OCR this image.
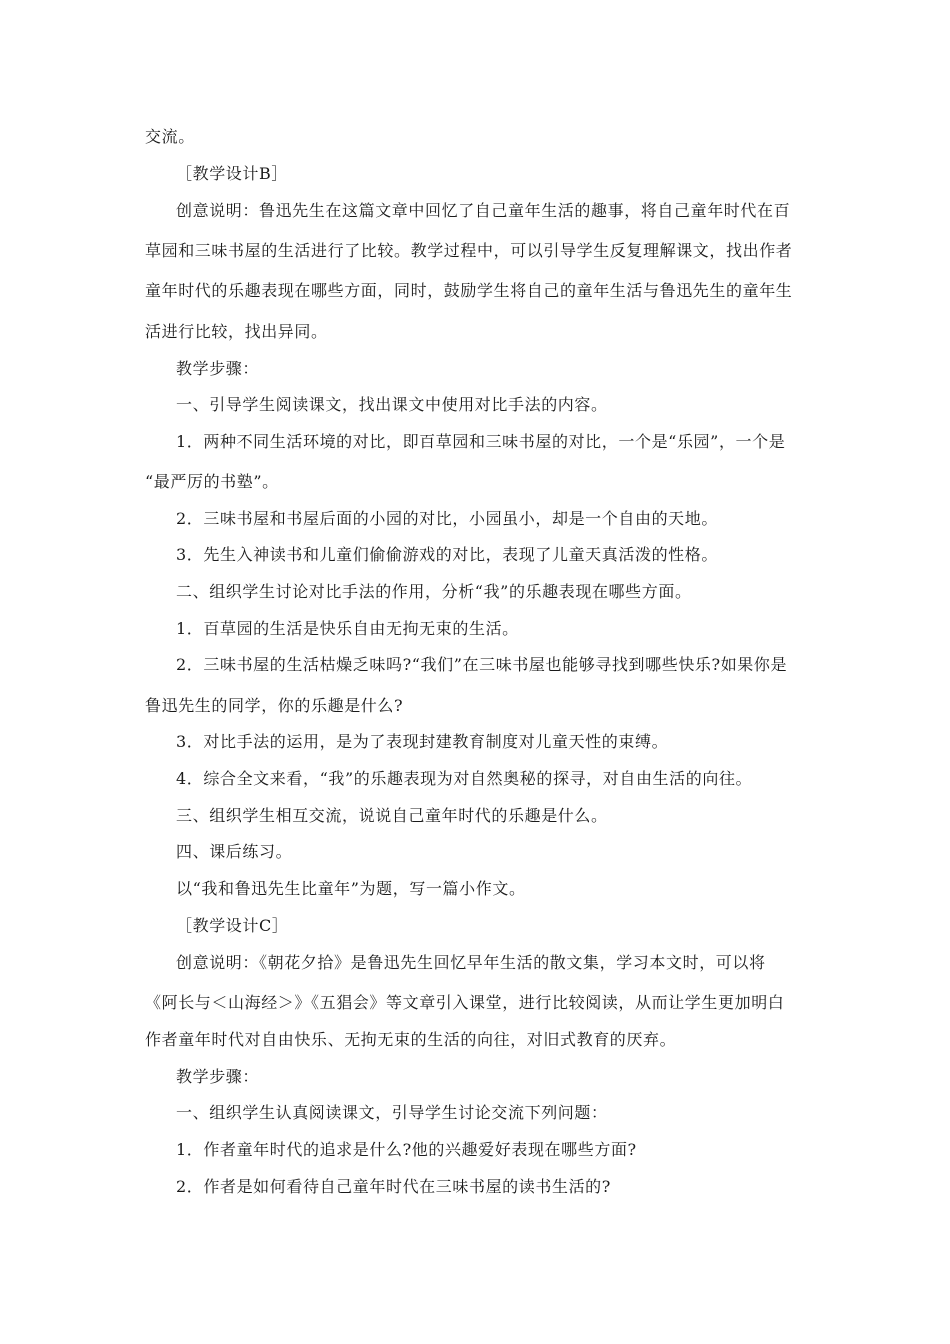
交流。
［教学设计B］
创意说明：鲁迅先生在这篇文章中回忆了自己童年生活的趣事，将自己童年时代在百
草园和三味书屋的生活进行了比较。教学过程中，可以引导学生反复理解课文，找出作者
童年时代的乐趣表现在哪些方面，同时，鼓励学生将自己的童年生活与鲁迅先生的童年生
活进行比较，找出异同。
教学步骤：
一、引导学生阅读课文，找出课文中使用对比手法的内容。
1．两种不同生活环境的对比，即百草园和三味书屋的对比，一个是“乐园”，一个是
“最严厉的书塾”。
2．三味书屋和书屋后面的小园的对比，小园虽小，却是一个自由的天地。
3．先生入神读书和儿童们偷偷游戏的对比，表现了儿童天真活泼的性格。
二、组织学生讨论对比手法的作用，分析“我”的乐趣表现在哪些方面。
1．百草园的生活是快乐自由无拘无束的生活。
2．三味书屋的生活枯燥乏味吗?“我们”在三味书屋也能够寻找到哪些快乐?如果你是
鲁迅先生的同学，你的乐趣是什么?
3．对比手法的运用，是为了表现封建教育制度对儿童天性的束缚。
4．综合全文来看，“我”的乐趣表现为对自然奥秘的探寻，对自由生活的向往。
三、组织学生相互交流，说说自己童年时代的乐趣是什么。
四、课后练习。
以“我和鲁迅先生比童年”为题，写一篇小作文。
［教学设计C］
创意说明：《朝花夕拾》是鲁迅先生回忆早年生活的散文集，学习本文时，可以将
《阿长与＜山海经＞》《五猖会》等文章引入课堂，进行比较阅读，从而让学生更加明白
作者童年时代对自由快乐、无拘无束的生活的向往，对旧式教育的厌弃。
教学步骤：
一、组织学生认真阅读课文，引导学生讨论交流下列问题：
1．作者童年时代的追求是什么?他的兴趣爱好表现在哪些方面?
2．作者是如何看待自己童年时代在三味书屋的读书生活的?
